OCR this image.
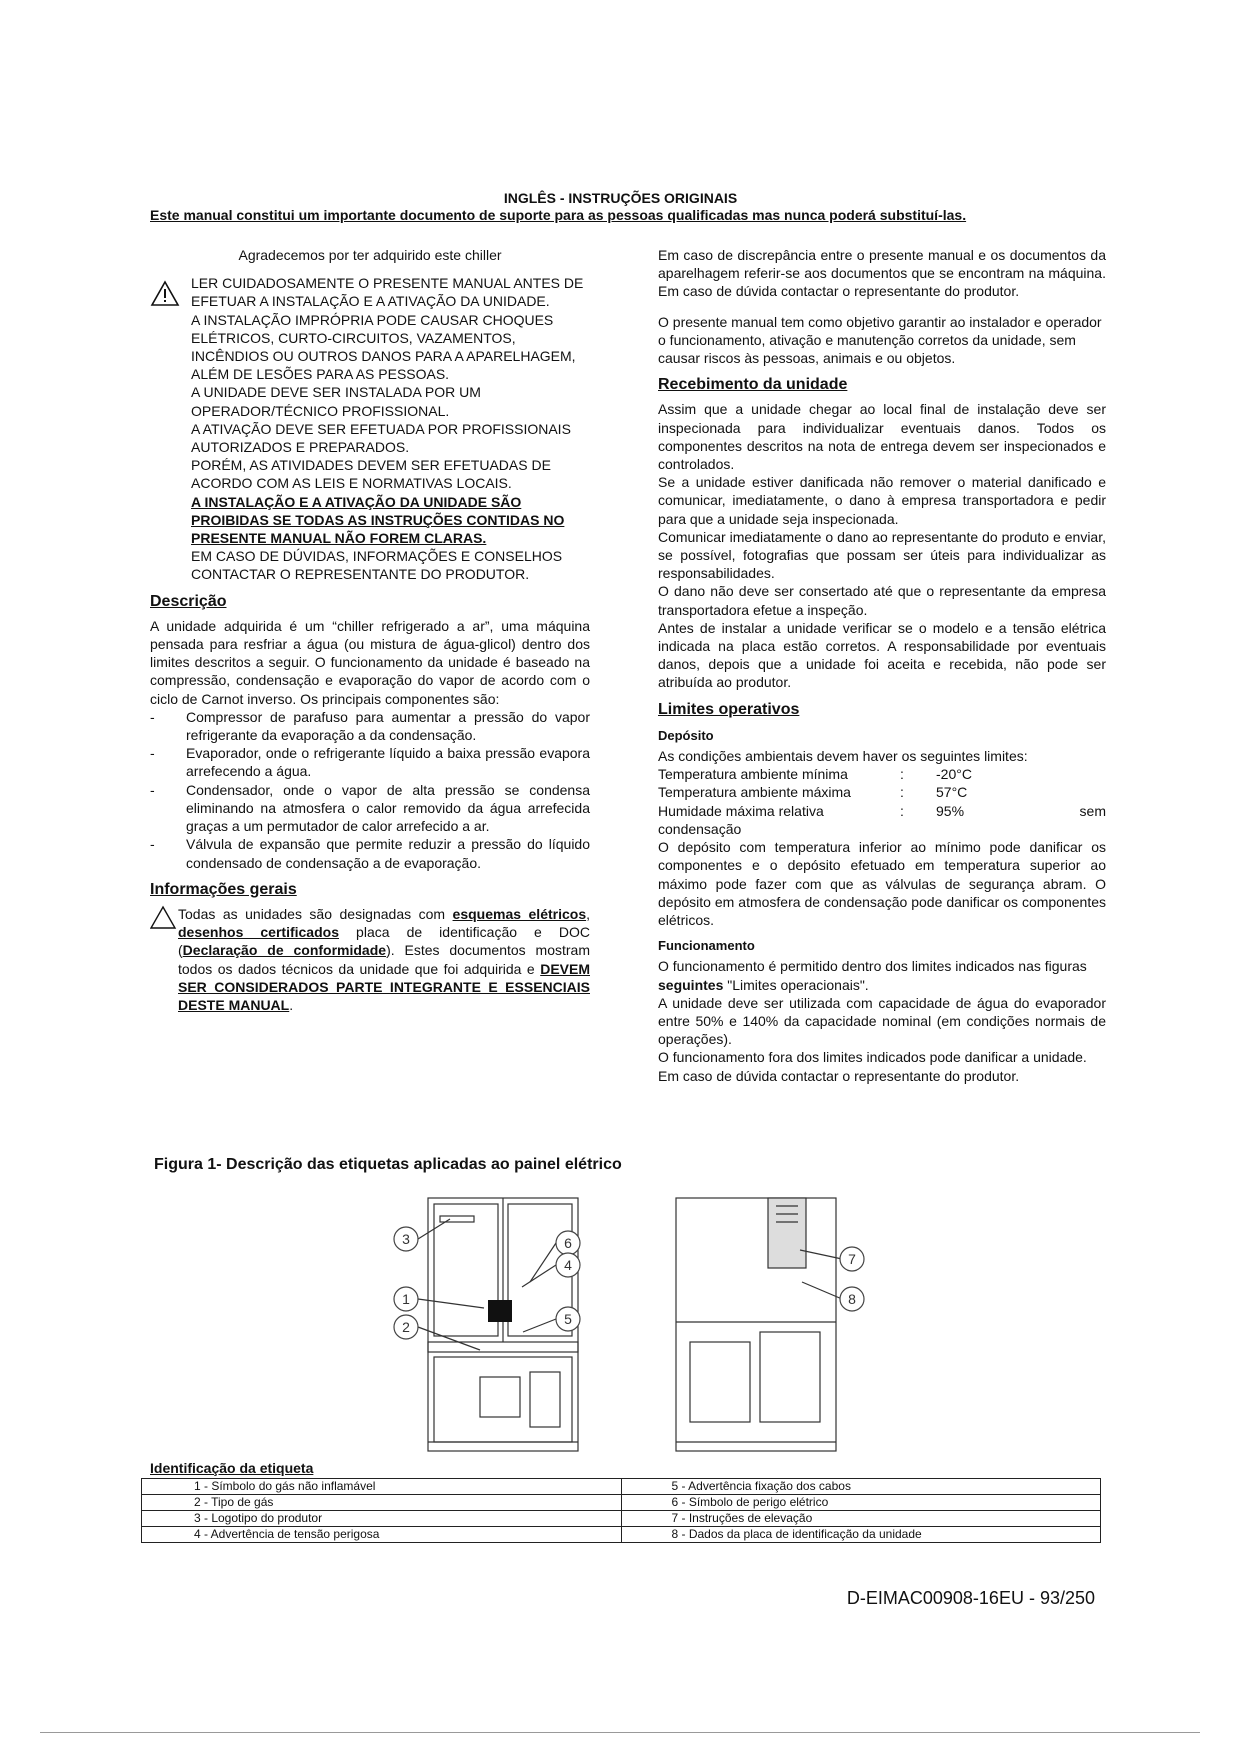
INGLÊS - INSTRUÇÕES ORIGINAIS
Este manual constitui um importante documento de suporte para as pessoas qualificadas mas nunca poderá substituí-las.

Agradecemos por ter adquirido este chiller

LER CUIDADOSAMENTE O PRESENTE MANUAL ANTES DE EFETUAR A INSTALAÇÃO E A ATIVAÇÃO DA UNIDADE.

A INSTALAÇÃO IMPRÓPRIA PODE CAUSAR CHOQUES ELÉTRICOS, CURTO-CIRCUITOS, VAZAMENTOS, INCÊNDIOS OU OUTROS DANOS PARA A APARELHAGEM, ALÉM DE LESÕES PARA AS PESSOAS.

A UNIDADE DEVE SER INSTALADA POR UM OPERADOR/TÉCNICO PROFISSIONAL.

A ATIVAÇÃO DEVE SER EFETUADA POR PROFISSIONAIS AUTORIZADOS E PREPARADOS.

PORÉM, AS ATIVIDADES DEVEM SER EFETUADAS DE ACORDO COM AS LEIS E NORMATIVAS LOCAIS.

A INSTALAÇÃO E A ATIVAÇÃO DA UNIDADE SÃO PROIBIDAS SE TODAS AS INSTRUÇÕES CONTIDAS NO PRESENTE MANUAL NÃO FOREM CLARAS.

EM CASO DE DÚVIDAS, INFORMAÇÕES E CONSELHOS CONTACTAR O REPRESENTANTE DO PRODUTOR.

Descrição

A unidade adquirida é um “chiller refrigerado a ar”, uma máquina pensada para resfriar a água (ou mistura de água-glicol) dentro dos limites descritos a seguir. O funcionamento da unidade é baseado na compressão, condensação e evaporação do vapor de acordo com o ciclo de Carnot inverso. Os principais componentes são:

- Compressor de parafuso para aumentar a pressão do vapor refrigerante da evaporação a da condensação.
- Evaporador, onde o refrigerante líquido a baixa pressão evapora arrefecendo a água.
- Condensador, onde o vapor de alta pressão se condensa eliminando na atmosfera o calor removido da água arrefecida graças a um permutador de calor arrefecido a ar.
- Válvula de expansão que permite reduzir a pressão do líquido condensado de condensação a de evaporação.

Informações gerais

Todas as unidades são designadas com esquemas elétricos, desenhos certificados placa de identificação e DOC (Declaração de conformidade). Estes documentos mostram todos os dados técnicos da unidade que foi adquirida e DEVEM SER CONSIDERADOS PARTE INTEGRANTE E ESSENCIAIS DESTE MANUAL.

Em caso de discrepância entre o presente manual e os documentos da aparelhagem referir-se aos documentos que se encontram na máquina. Em caso de dúvida contactar o representante do produtor.

O presente manual tem como objetivo garantir ao instalador e operador o funcionamento, ativação e manutenção corretos da unidade, sem causar riscos às pessoas, animais e ou objetos.

Recebimento da unidade

Assim que a unidade chegar ao local final de instalação deve ser inspecionada para individualizar eventuais danos. Todos os componentes descritos na nota de entrega devem ser inspecionados e controlados.

Se a unidade estiver danificada não remover o material danificado e comunicar, imediatamente, o dano à empresa transportadora e pedir para que a unidade seja inspecionada.

Comunicar imediatamente o dano ao representante do produto e enviar, se possível, fotografias que possam ser úteis para individualizar as responsabilidades.

O dano não deve ser consertado até que o representante da empresa transportadora efetue a inspeção.

Antes de instalar a unidade verificar se o modelo e a tensão elétrica indicada na placa estão corretos. A responsabilidade por eventuais danos, depois que a unidade foi aceita e recebida, não pode ser atribuída ao produtor.

Limites operativos

Depósito

As condições ambientais devem haver os seguintes limites:

Temperatura ambiente mínima	:	-20°C
Temperatura ambiente máxima	:	57°C
Humidade máxima relativa	:	95%	sem

condensação

O depósito com temperatura inferior ao mínimo pode danificar os componentes e o depósito efetuado em temperatura superior ao máximo pode fazer com que as válvulas de segurança abram. O depósito em atmosfera de condensação pode danificar os componentes elétricos.

Funcionamento

O funcionamento é permitido dentro dos limites indicados nas figuras seguintes "Limites operacionais".

A unidade deve ser utilizada com capacidade de água do evaporador entre 50% e 140% da capacidade nominal (em condições normais de operações).

O funcionamento fora dos limites indicados pode danificar a unidade.

Em caso de dúvida contactar o representante do produtor.

Figura 1- Descrição das etiquetas aplicadas ao painel elétrico
3
1
2
6
4
5
7
8
Identificação da etiqueta
1 - Símbolo do gás não inflamável	5 - Advertência fixação dos cabos
2 - Tipo de gás	6 - Símbolo de perigo elétrico
3 - Logotipo do produtor	7 - Instruções de elevação
4 - Advertência de tensão perigosa	8 - Dados da placa de identificação da unidade
D-EIMAC00908-16EU - 93/250
